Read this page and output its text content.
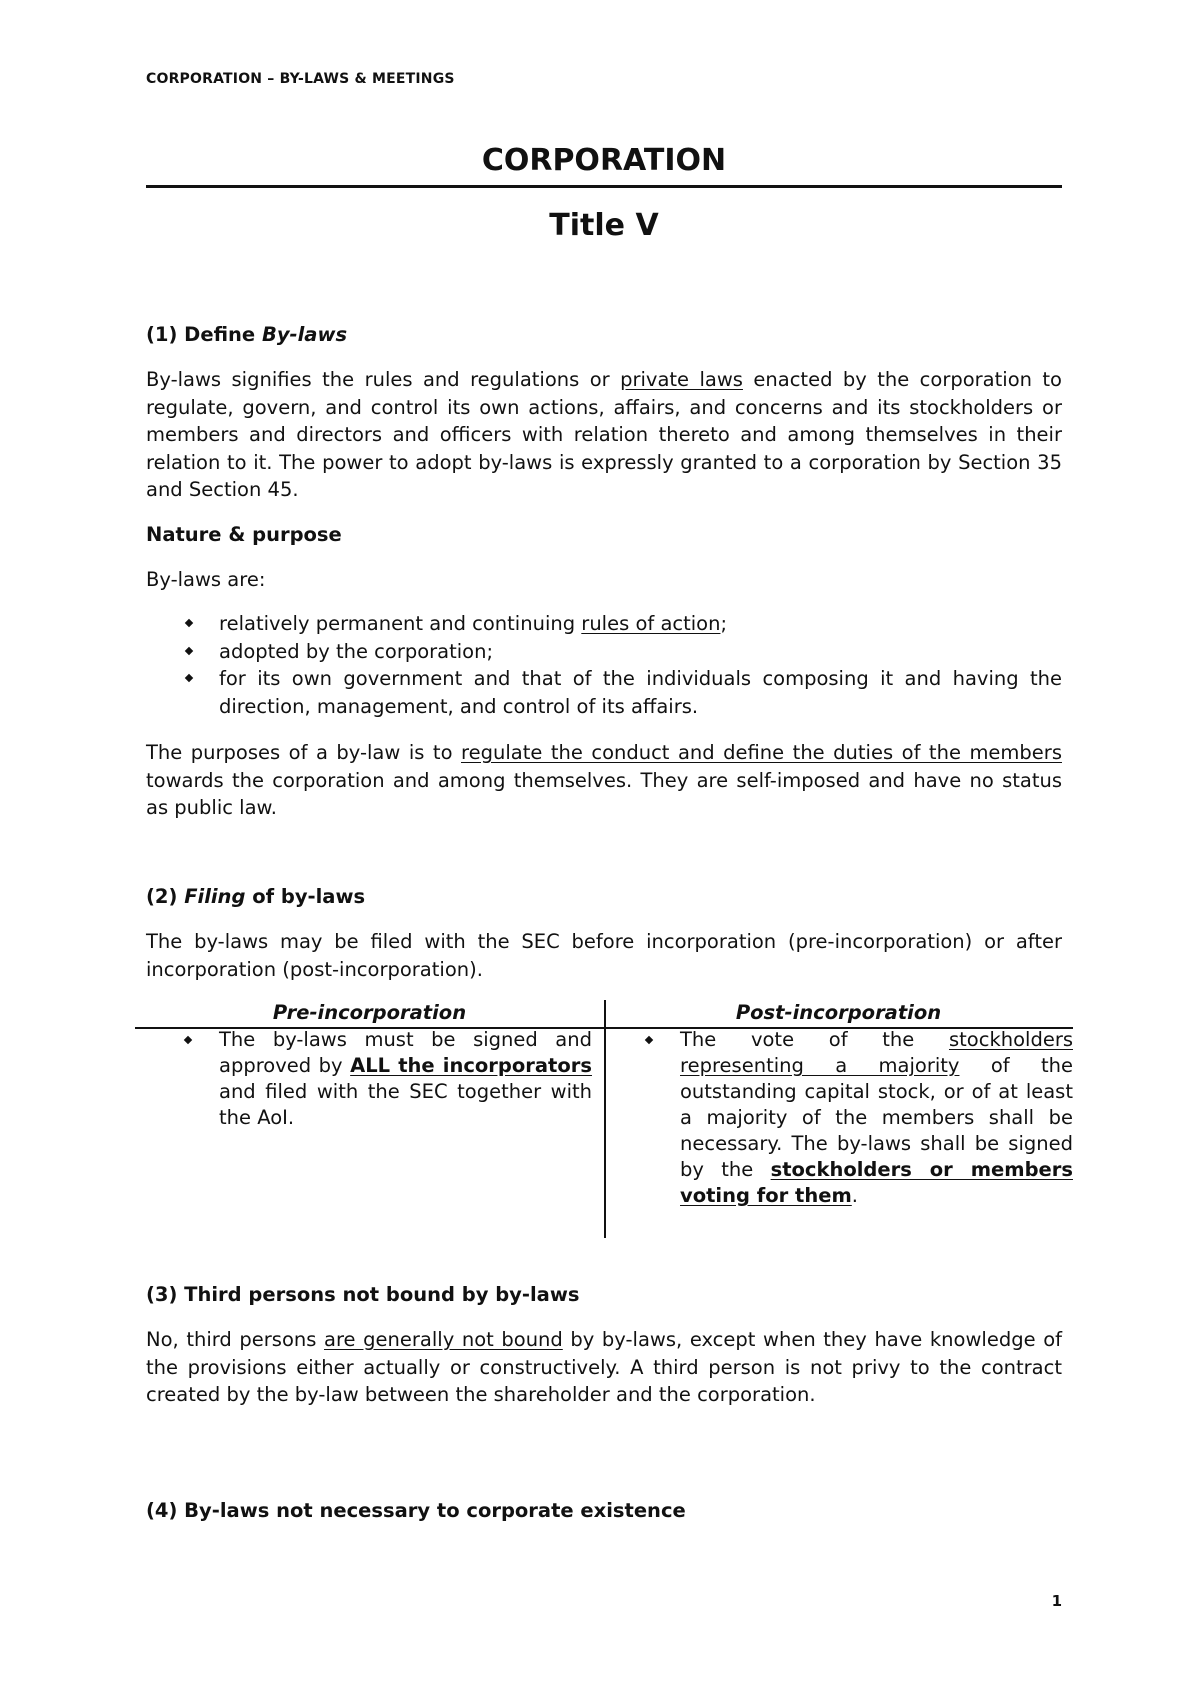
CORPORATION – BY-LAWS & MEETINGS
CORPORATION
Title V
(1) Define By-laws
By-laws signifies the rules and regulations or private laws enacted by the corporation to regulate, govern, and control its own actions, affairs, and concerns and its stockholders or members and directors and officers with relation thereto and among themselves in their relation to it. The power to adopt by-laws is expressly granted to a corporation by Section 35 and Section 45.
Nature & purpose
By-laws are:
relatively permanent and continuing rules of action;
adopted by the corporation;
for its own government and that of the individuals composing it and having the direction, management, and control of its affairs.
The purposes of a by-law is to regulate the conduct and define the duties of the members towards the corporation and among themselves. They are self-imposed and have no status as public law.
(2) Filing of by-laws
The by-laws may be filed with the SEC before incorporation (pre-incorporation) or after incorporation (post-incorporation).
Pre-incorporation	Post-incorporation
The by-laws must be signed and approved by ALL the incorporators and filed with the SEC together with the AoI.
The vote of the stockholders representing a majority of the outstanding capital stock, or of at least a majority of the members shall be necessary. The by-laws shall be signed by the stockholders or members voting for them.
(3) Third persons not bound by by-laws
No, third persons are generally not bound by by-laws, except when they have knowledge of the provisions either actually or constructively. A third person is not privy to the contract created by the by-law between the shareholder and the corporation.
(4) By-laws not necessary to corporate existence
1
